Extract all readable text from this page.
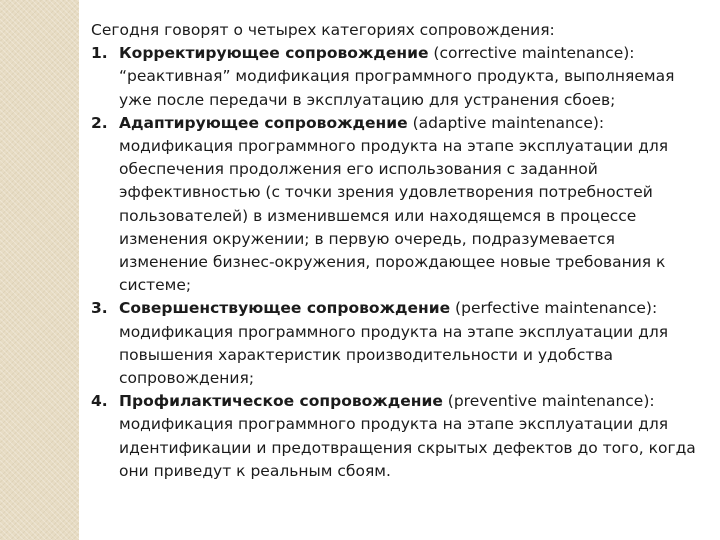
Сегодня говорят о четырех категориях сопровождения:

1. Корректирующее сопровождение (corrective maintenance): “реактивная” модификация программного продукта, выполняемая уже после передачи в эксплуатацию для устранения сбоев;
2. Адаптирующее сопровождение (adaptive maintenance): модификация программного продукта на этапе эксплуатации для обеспечения продолжения его использования с заданной эффективностью (с точки зрения удовлетворения потребностей пользователей) в изменившемся или находящемся в процессе изменения окружении; в первую очередь, подразумевается изменение бизнес-окружения, порождающее новые требования к системе;
3. Совершенствующее сопровождение (perfective maintenance): модификация программного продукта на этапе эксплуатации для повышения характеристик производительности и удобства сопровождения;
4. Профилактическое сопровождение (preventive maintenance): модификация программного продукта на этапе эксплуатации для идентификации и предотвращения скрытых дефектов до того, когда они приведут к реальным сбоям.
